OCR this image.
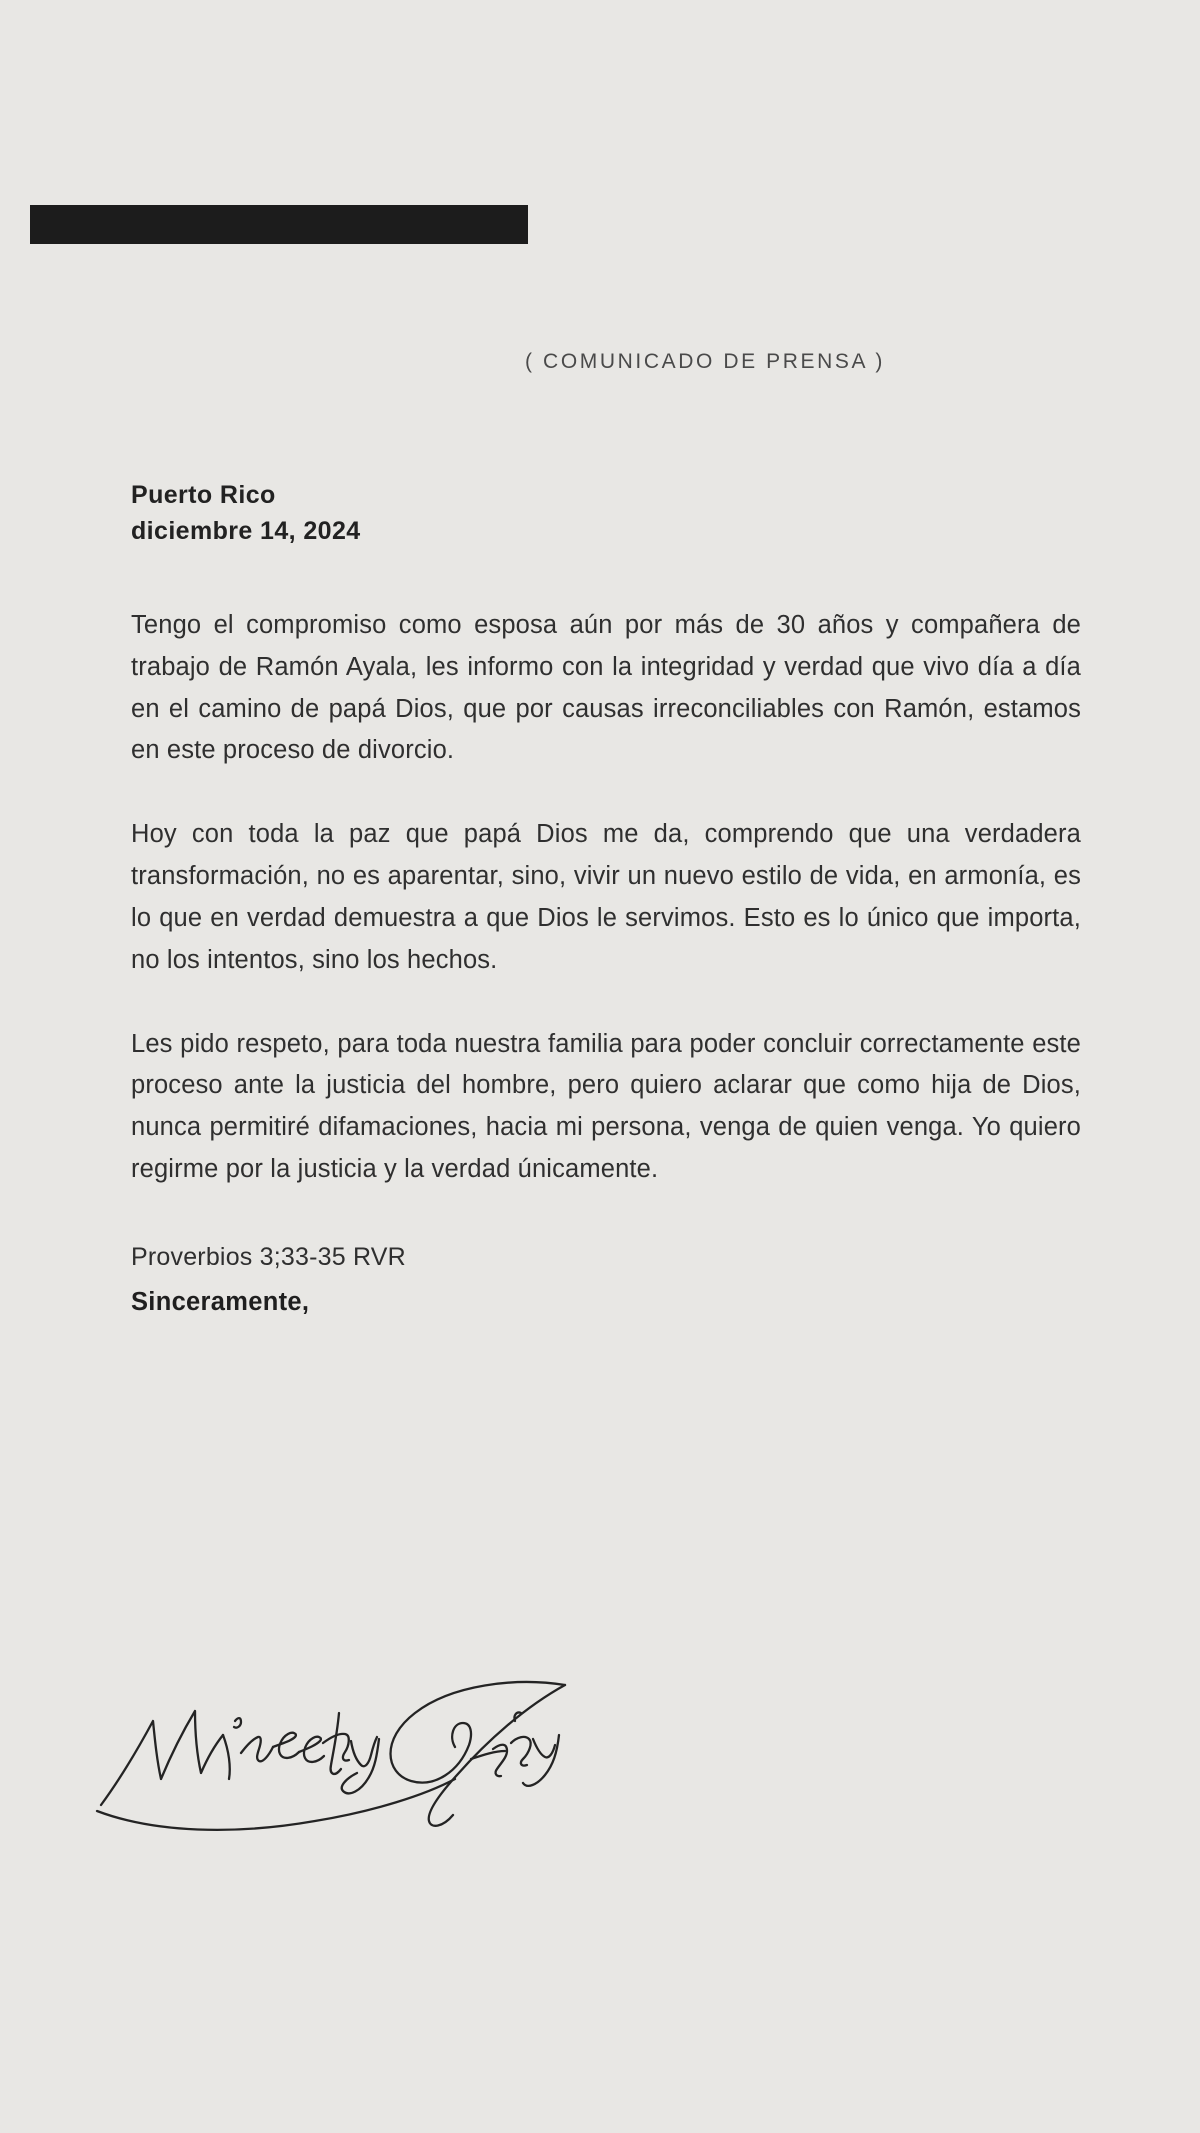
( COMUNICADO DE PRENSA )
Puerto Rico
diciembre 14, 2024

Tengo el compromiso como esposa aún por más de 30 años y compañera de trabajo de Ramón Ayala, les informo con la integridad y verdad que vivo día a día en el camino de papá Dios, que por causas irreconciliables con Ramón, estamos en este proceso de divorcio.

Hoy con toda la paz que papá Dios me da, comprendo que una verdadera transformación, no es aparentar, sino, vivir un nuevo estilo de vida, en armonía, es lo que en verdad demuestra a que Dios le servimos. Esto es lo único que importa, no los intentos, sino los hechos.

Les pido respeto, para toda nuestra familia para poder concluir correctamente este proceso ante la justicia del hombre, pero quiero aclarar que como hija de Dios, nunca permitiré difamaciones, hacia mi persona, venga de quien venga. Yo quiero regirme por la justicia y la verdad únicamente.

Proverbios 3;33-35 RVR
Sinceramente,
